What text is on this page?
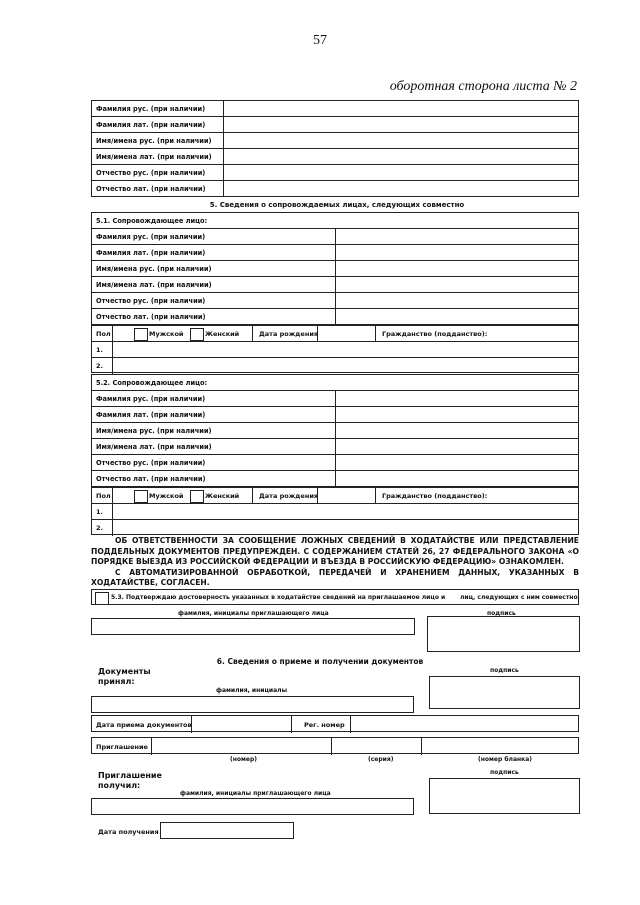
57
оборотная сторона листа № 2
Фамилия рус. (при наличии)	
Фамилия лат. (при наличии)	
Имя/имена рус. (при наличии)	
Имя/имена лат. (при наличии)	
Отчество рус. (при наличии)	
Отчество лат. (при наличии)	
5. Сведения о сопровождаемых лицах, следующих совместно	
5.1. Сопровождающее лицо:	
Фамилия рус. (при наличии)	
Фамилия лат. (при наличии)	
Имя/имена рус. (при наличии)	
Имя/имена лат. (при наличии)	
Отчество рус. (при наличии)	
Отчество лат. (при наличии)	
Пол	Мужской	Женский	Дата рождения	Гражданство (подданство):
1.
2.
5.2. Сопровождающее лицо:	
Фамилия рус. (при наличии)	
Фамилия лат. (при наличии)	
Имя/имена рус. (при наличии)	
Имя/имена лат. (при наличии)	
Отчество рус. (при наличии)	
Отчество лат. (при наличии)	
Пол	Мужской	Женский	Дата рождения	Гражданство (подданство):
1.
2.

ОБ ОТВЕТСТВЕННОСТИ ЗА СООБЩЕНИЕ ЛОЖНЫХ СВЕДЕНИЙ В ХОДАТАЙСТВЕ ИЛИ ПРЕДСТАВЛЕНИЕ ПОДДЕЛЬНЫХ ДОКУМЕНТОВ ПРЕДУПРЕЖДЕН. С СОДЕРЖАНИЕМ СТАТЕЙ 26, 27 ФЕДЕРАЛЬНОГО ЗАКОНА «О ПОРЯДКЕ ВЫЕЗДА ИЗ РОССИЙСКОЙ ФЕДЕРАЦИИ И ВЪЕЗДА В РОССИЙСКУЮ ФЕДЕРАЦИЮ» ОЗНАКОМЛЕН.

С АВТОМАТИЗИРОВАННОЙ ОБРАБОТКОЙ, ПЕРЕДАЧЕЙ И ХРАНЕНИЕМ ДАННЫХ, УКАЗАННЫХ В ХОДАТАЙСТВЕ, СОГЛАСЕН.

5.3. Подтверждаю достоверность указанных в ходатайстве сведений на приглашаемое лицо и лиц, следующих с ним совместно.
фамилия, инициалы приглашающего лица	подпись
6. Сведения о приеме и получении документов
Документы принял:
подпись
фамилия, инициалы
Дата приема документов	Рег. номер
Приглашение
(номер)	(серия)	(номер бланка)
Приглашение получил:
подпись
фамилия, инициалы приглашающего лица
Дата получения
